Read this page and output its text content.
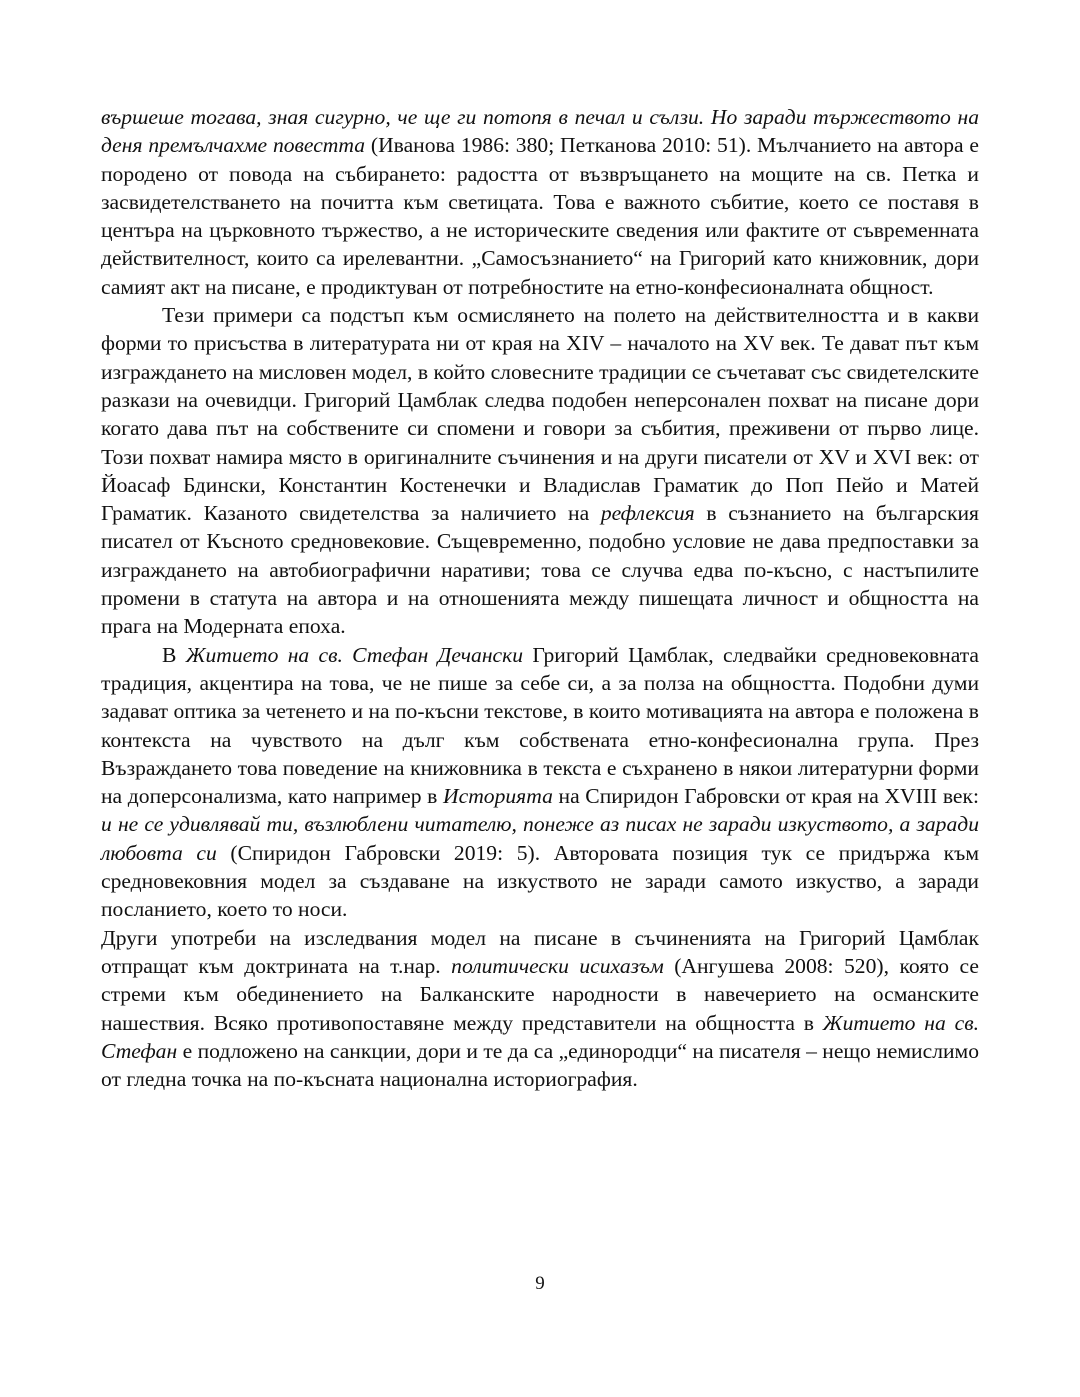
вършеше тогава, зная сигурно, че ще ги потопя в печал и сълзи. Но заради тържеството на деня премълчахме повестта (Иванова 1986: 380; Петканова 2010: 51). Мълчанието на автора е породено от повода на събирането: радостта от възвръщането на мощите на св. Петка и засвидетелстването на почитта към светицата. Това е важното събитие, което се поставя в центъра на църковното тържество, а не историческите сведения или фактите от съвременната действителност, които са ирелевантни. „Самосъзнанието“ на Григорий като книжовник, дори самият акт на писане, е продиктуван от потребностите на етно-конфесионалната общност.

Тези примери са подстъп към осмислянето на полето на действителността и в какви форми то присъства в литературата ни от края на XIV – началото на XV век. Те дават път към изграждането на мисловен модел, в който словесните традиции се съчетават със свидетелските разкази на очевидци. Григорий Цамблак следва подобен неперсонален похват на писане дори когато дава път на собствените си спомени и говори за събития, преживени от първо лице. Този похват намира място в оригиналните съчинения и на други писатели от XV и XVI век: от Йоасаф Бдински, Константин Костенечки и Владислав Граматик до Поп Пейо и Матей Граматик. Казаното свидетелства за наличието на рефлексия в съзнанието на българския писател от Късното средновековие. Същевременно, подобно условие не дава предпоставки за изграждането на автобиографични наративи; това се случва едва по-късно, с настъпилите промени в статута на автора и на отношенията между пишещата личност и общността на прага на Модерната епоха.

В Житието на св. Стефан Дечански Григорий Цамблак, следвайки средновековната традиция, акцентира на това, че не пише за себе си, а за полза на общността. Подобни думи задават оптика за четенето и на по-късни текстове, в които мотивацията на автора е положена в контекста на чувството на дълг към собствената етно-конфесионална група. През Възраждането това поведение на книжовника в текста е съхранено в някои литературни форми на доперсонализма, като например в Историята на Спиридон Габровски от края на XVIII век: и не се удивлявай ти, възлюблени читателю, понеже аз писах не заради изкуството, а заради любовта си (Спиридон Габровски 2019: 5). Авторовата позиция тук се придържа към средновековния модел за създаване на изкуството не заради самото изкуство, а заради посланието, което то носи.

Други употреби на изследвания модел на писане в съчиненията на Григорий Цамблак отпращат към доктрината на т.нар. политически исихазъм (Ангушева 2008: 520), която се стреми към обединението на Балканските народности в навечерието на османските нашествия. Всяко противопоставяне между представители на общността в Житието на св. Стефан е подложено на санкции, дори и те да са „единородци“ на писателя – нещо немислимо от гледна точка на по-късната национална историография.

9
